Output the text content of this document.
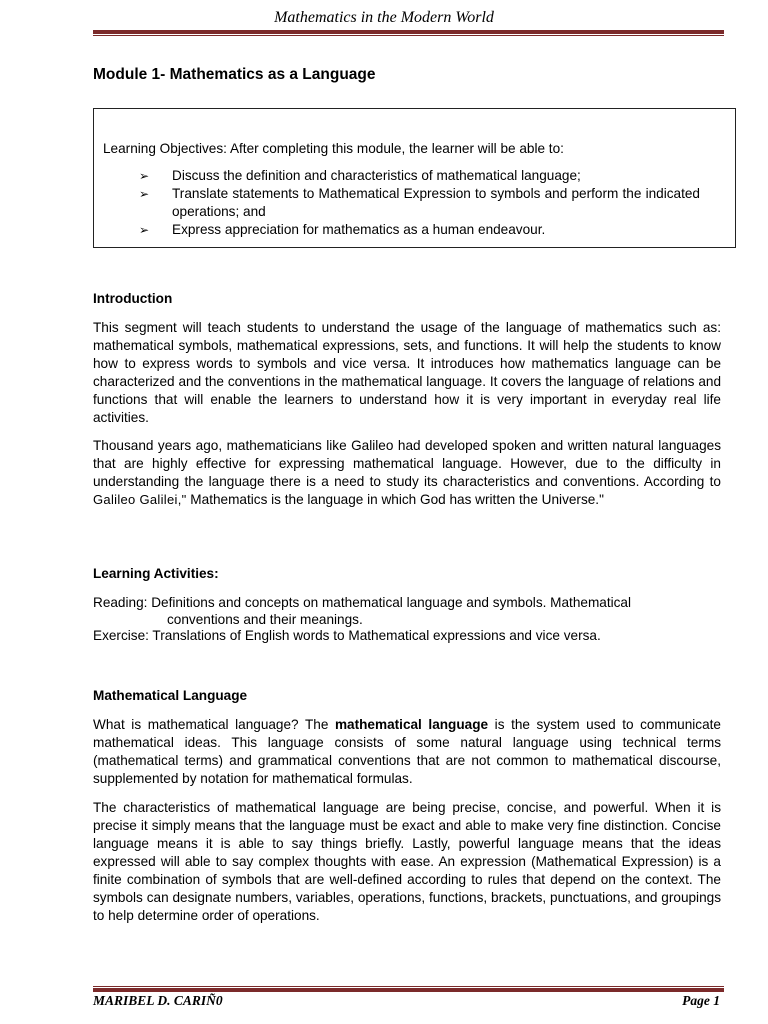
Mathematics in the Modern World
Module 1- Mathematics as a Language
Learning Objectives: After completing this module, the learner will be able to:
➢ Discuss the definition and characteristics of mathematical language;
➢ Translate statements to Mathematical Expression to symbols and perform the indicated operations; and
➢ Express appreciation for mathematics as a human endeavour.
Introduction

This segment will teach students to understand the usage of the language of mathematics such as: mathematical symbols, mathematical expressions, sets, and functions. It will help the students to know how to express words to symbols and vice versa. It introduces how mathematics language can be characterized and the conventions in the mathematical language. It covers the language of relations and functions that will enable the learners to understand how it is very important in everyday real life activities.

Thousand years ago, mathematicians like Galileo had developed spoken and written natural languages that are highly effective for expressing mathematical language. However, due to the difficulty in understanding the language there is a need to study its characteristics and conventions. According to Galileo Galilei," Mathematics is the language in which God has written the Universe."

Learning Activities:
Reading: Definitions and concepts on mathematical language and symbols. Mathematical
conventions and their meanings.
Exercise: Translations of English words to Mathematical expressions and vice versa.
Mathematical Language

What is mathematical language? The mathematical language is the system used to communicate mathematical ideas. This language consists of some natural language using technical terms (mathematical terms) and grammatical conventions that are not common to mathematical discourse, supplemented by notation for mathematical formulas.

The characteristics of mathematical language are being precise, concise, and powerful. When it is precise it simply means that the language must be exact and able to make very fine distinction. Concise language means it is able to say things briefly. Lastly, powerful language means that the ideas expressed will able to say complex thoughts with ease. An expression (Mathematical Expression) is a finite combination of symbols that are well-defined according to rules that depend on the context. The symbols can designate numbers, variables, operations, functions, brackets, punctuations, and groupings to help determine order of operations.

MARIBEL D. CARIÑ0	Page 1
